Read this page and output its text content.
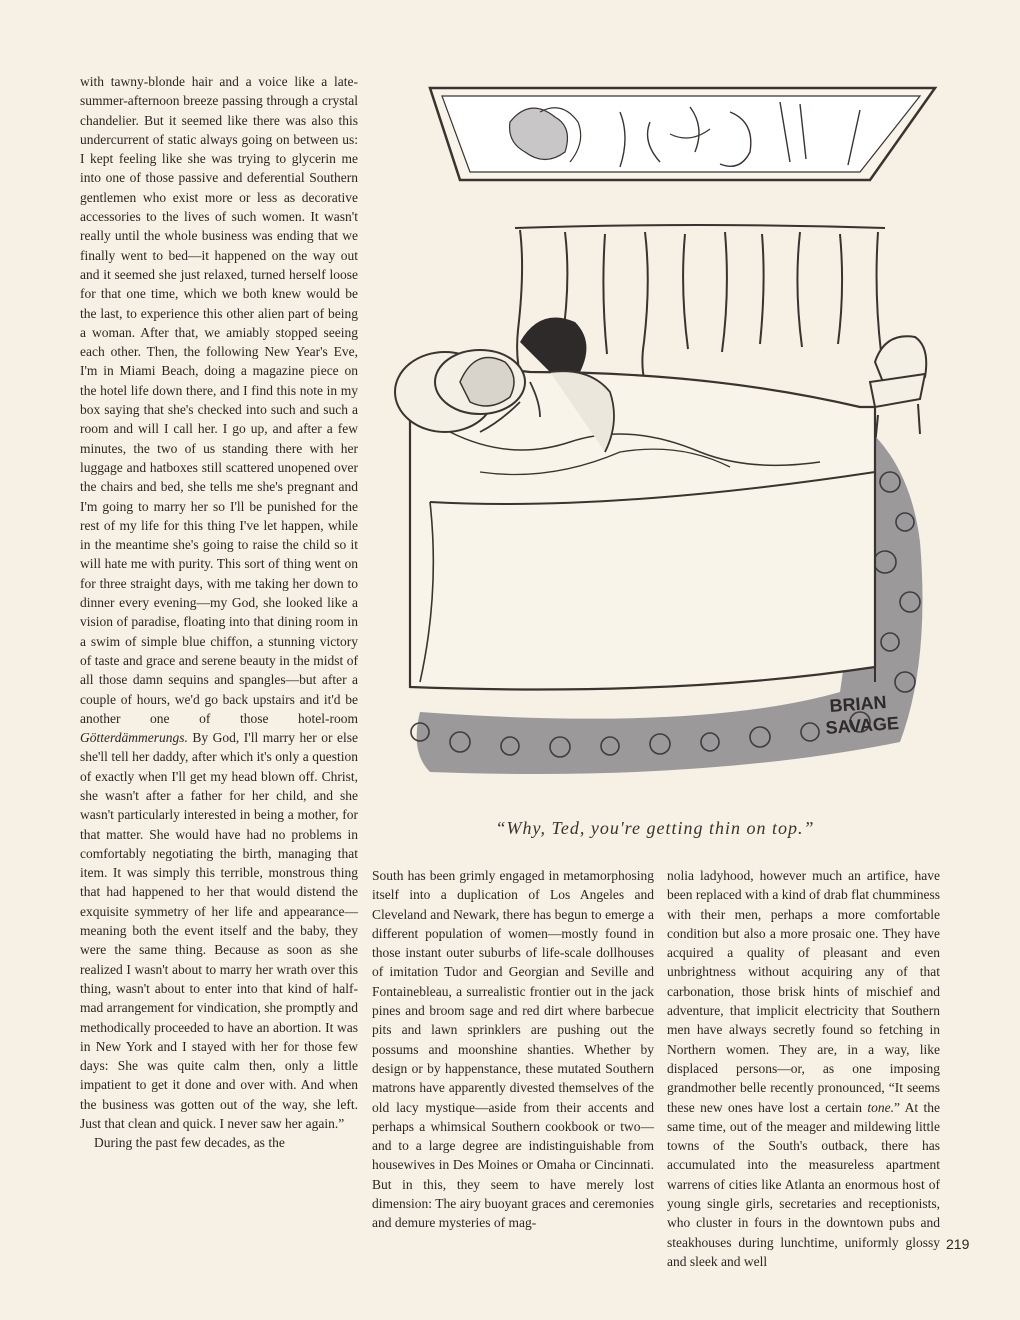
with tawny-blonde hair and a voice like a late-summer-afternoon breeze passing through a crystal chandelier. But it seemed like there was also this undercurrent of static always going on between us: I kept feeling like she was trying to glycerin me into one of those passive and deferential Southern gentlemen who exist more or less as decorative accessories to the lives of such women. It wasn't really until the whole business was ending that we finally went to bed—it happened on the way out and it seemed she just relaxed, turned herself loose for that one time, which we both knew would be the last, to experience this other alien part of being a woman. After that, we amiably stopped seeing each other. Then, the following New Year's Eve, I'm in Miami Beach, doing a magazine piece on the hotel life down there, and I find this note in my box saying that she's checked into such and such a room and will I call her. I go up, and after a few minutes, the two of us standing there with her luggage and hatboxes still scattered unopened over the chairs and bed, she tells me she's pregnant and I'm going to marry her so I'll be punished for the rest of my life for this thing I've let happen, while in the meantime she's going to raise the child so it will hate me with purity. This sort of thing went on for three straight days, with me taking her down to dinner every evening—my God, she looked like a vision of paradise, floating into that dining room in a swim of simple blue chiffon, a stunning victory of taste and grace and serene beauty in the midst of all those damn sequins and spangles—but after a couple of hours, we'd go back upstairs and it'd be another one of those hotel-room Götterdämmerungs. By God, I'll marry her or else she'll tell her daddy, after which it's only a question of exactly when I'll get my head blown off. Christ, she wasn't after a father for her child, and she wasn't particularly interested in being a mother, for that matter. She would have had no problems in comfortably negotiating the birth, managing that item. It was simply this terrible, monstrous thing that had happened to her that would distend the exquisite symmetry of her life and appearance—meaning both the event itself and the baby, they were the same thing. Because as soon as she realized I wasn't about to marry her wrath over this thing, wasn't about to enter into that kind of half-mad arrangement for vindication, she promptly and methodically proceeded to have an abortion. It was in New York and I stayed with her for those few days: She was quite calm then, only a little impatient to get it done and over with. And when the business was gotten out of the way, she left. Just that clean and quick. I never saw her again.”

During the past few decades, as the

BRIAN
SAVAGE
“Why, Ted, you're getting thin on top.”

South has been grimly engaged in metamorphosing itself into a duplication of Los Angeles and Cleveland and Newark, there has begun to emerge a different population of women—mostly found in those instant outer suburbs of life-scale dollhouses of imitation Tudor and Georgian and Seville and Fontainebleau, a surrealistic frontier out in the jack pines and broom sage and red dirt where barbecue pits and lawn sprinklers are pushing out the possums and moonshine shanties. Whether by design or by happenstance, these mutated Southern matrons have apparently divested themselves of the old lacy mystique—aside from their accents and perhaps a whimsical Southern cookbook or two—and to a large degree are indistinguishable from housewives in Des Moines or Omaha or Cincinnati. But in this, they seem to have merely lost dimension: The airy buoyant graces and ceremonies and demure mysteries of mag-

nolia ladyhood, however much an artifice, have been replaced with a kind of drab flat chumminess with their men, perhaps a more comfortable condition but also a more prosaic one. They have acquired a quality of pleasant and even unbrightness without acquiring any of that carbonation, those brisk hints of mischief and adventure, that implicit electricity that Southern men have always secretly found so fetching in Northern women. They are, in a way, like displaced persons—or, as one imposing grandmother belle recently pronounced, “It seems these new ones have lost a certain tone.” At the same time, out of the meager and mildewing little towns of the South's outback, there has accumulated into the measureless apartment warrens of cities like Atlanta an enormous host of young single girls, secretaries and receptionists, who cluster in fours in the downtown pubs and steakhouses during lunchtime, uniformly glossy and sleek and well

219
